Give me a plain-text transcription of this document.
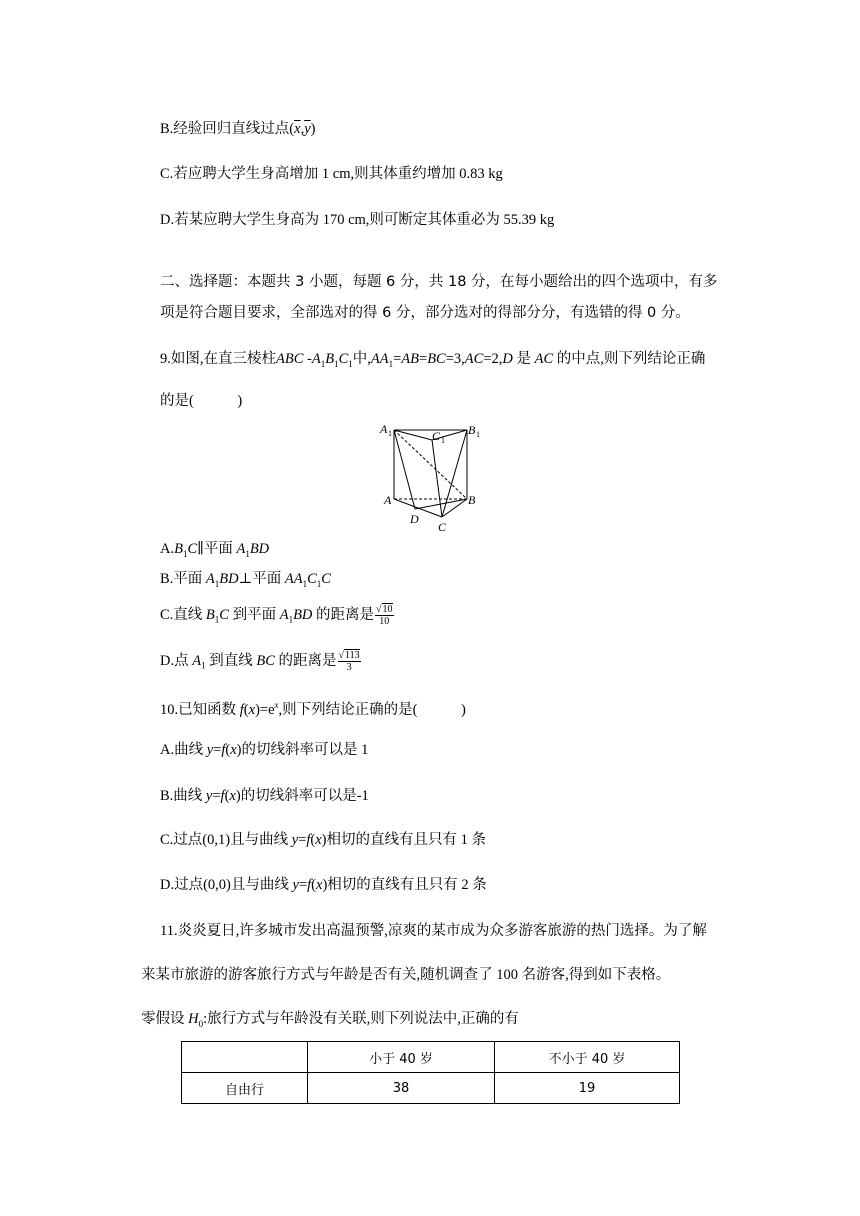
B.经验回归直线过点$(\overline{x},\overline{y})$
C.若应聘大学生身高增加 1 cm,则其体重约增加 0.83 kg
D.若某应聘大学生身高为 170 cm,则可断定其体重必为 55.39 kg
二、选择题：本题共 3 小题，每题 6 分，共 18 分，在每小题给出的四个选项中，有多
项是符合题目要求，全部选对的得 6 分，部分选对的得部分分，有选错的得 0 分。
9.如图,在直三棱柱ABC $-A_1B_1C_1$中$,AA_1=AB=BC=3,AC=2,D$ 是 AC 的中点,则下列结论正确
的是(　　　)
A 1	C 1
B 1
A	B
D
C
$A.B_1C\parallel$平面 $A_1BD$
B.平面 $A_1BD\perp$平面 $AA_1C_1C$
C.直线 $B_1C$ 到平面 $A_1BD$ 的距离是 $\frac{√10}{10}$
D.点 $A_1$ 到直线 BC 的距离是 $\frac{√113}{3}$
10.已知函数 $f(x)=e^x$,则下列结论正确的是(　　　)
A.曲线 y=f(x)的切线斜率可以是 1
B.曲线 y=f(x)的切线斜率可以是-1
C.过点(0,1)且与曲线 y=f(x)相切的直线有且只有 1 条
D.过点(0,0)且与曲线 y=f(x)相切的直线有且只有 2 条
11.炎炎夏日,许多城市发出高温预警,凉爽的某市成为众多游客旅游的热门选择。为了解
来某市旅游的游客旅行方式与年龄是否有关,随机调查了 100 名游客,得到如下表格。
零假设 $H_0$:旅行方式与年龄没有关联,则下列说法中,正确的有
	小于 40 岁	不小于 40 岁
自由行	38	19
